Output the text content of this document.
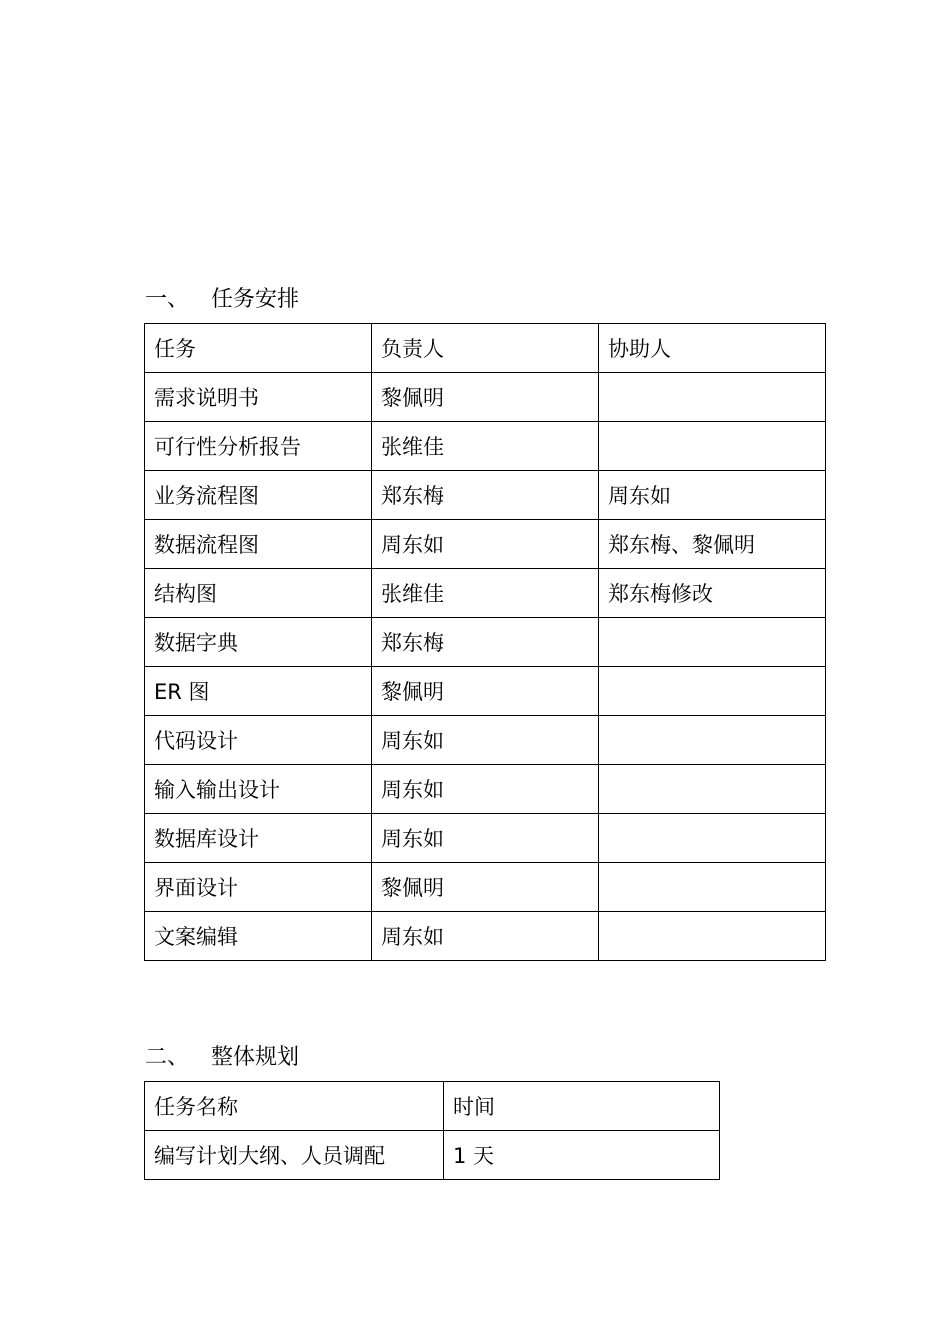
一、 任务安排
任务	负责人	协助人
需求说明书	黎佩明	
可行性分析报告	张维佳	
业务流程图	郑东梅	周东如
数据流程图	周东如	郑东梅、黎佩明
结构图	张维佳	郑东梅修改
数据字典	郑东梅	
ER 图	黎佩明	
代码设计	周东如	
输入输出设计	周东如	
数据库设计	周东如	
界面设计	黎佩明	
文案编辑	周东如	
二、 整体规划
任务名称	时间
编写计划大纲、人员调配	1 天
